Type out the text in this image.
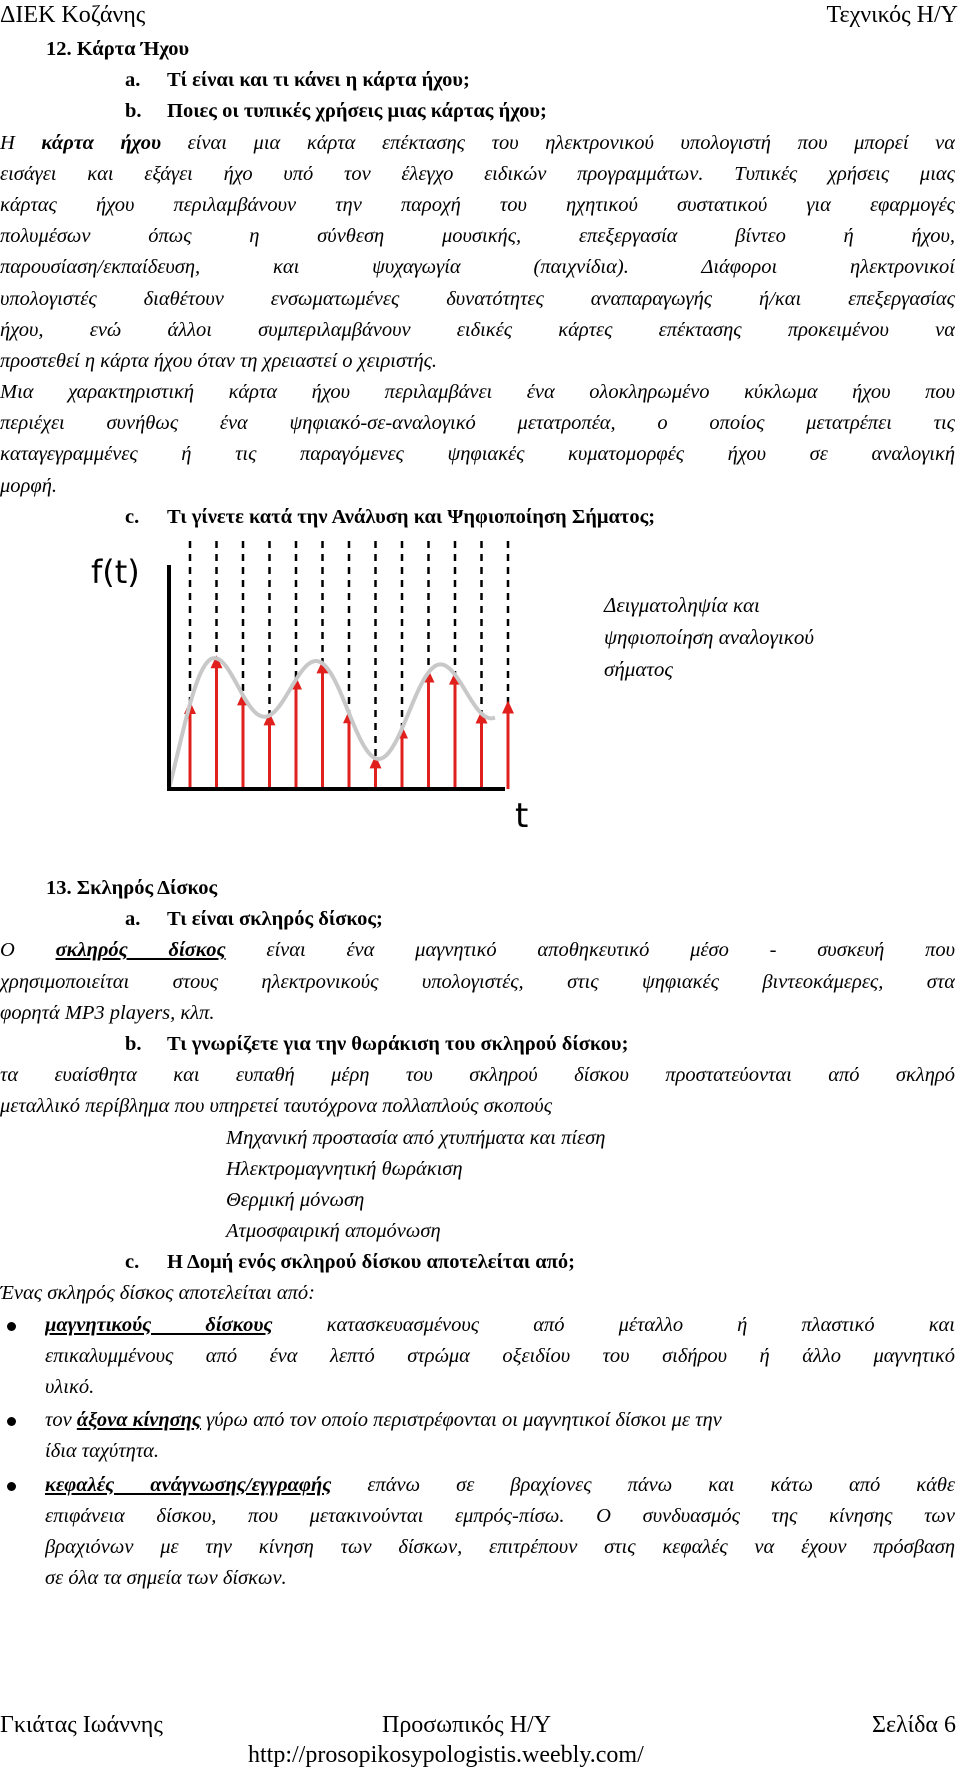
ΔΙΕΚ Κοζάνης	Τεχνικός Η/Υ
12. Κάρτα Ήχου
a. Τί είναι και τι κάνει η κάρτα ήχου;
b. Ποιες οι τυπικές χρήσεις μιας κάρτας ήχου;
Η κάρτα ήχου είναι μια κάρτα επέκτασης του ηλεκτρονικού υπολογιστή που μπορεί να
εισάγει και εξάγει ήχο υπό τον έλεγχο ειδικών προγραμμάτων. Τυπικές χρήσεις μιας
κάρτας ήχου περιλαμβάνουν την παροχή του ηχητικού συστατικού για εφαρμογές
πολυμέσων όπως η σύνθεση μουσικής, επεξεργασία βίντεο ή ήχου,
παρουσίαση/εκπαίδευση, και ψυχαγωγία (παιχνίδια). Διάφοροι ηλεκτρονικοί
υπολογιστές διαθέτουν ενσωματωμένες δυνατότητες αναπαραγωγής ή/και επεξεργασίας
ήχου, ενώ άλλοι συμπεριλαμβάνουν ειδικές κάρτες επέκτασης προκειμένου να
προστεθεί η κάρτα ήχου όταν τη χρειαστεί ο χειριστής.
Μια χαρακτηριστική κάρτα ήχου περιλαμβάνει ένα ολοκληρωμένο κύκλωμα ήχου που
περιέχει συνήθως ένα ψηφιακό-σε-αναλογικό μετατροπέα, ο οποίος μετατρέπει τις
καταγεγραμμένες ή τις παραγόμενες ψηφιακές κυματομορφές ήχου σε αναλογική
μορφή.
c. Τι γίνετε κατά την Ανάλυση και Ψηφιοποίηση Σήματος;
f(t)
t
Δειγματοληψία και
ψηφιοποίηση αναλογικού
σήματος
13. Σκληρός Δίσκος
a. Τι είναι σκληρός δίσκος;
Ο σκληρός δίσκος είναι ένα μαγνητικό αποθηκευτικό μέσο - συσκευή που
χρησιμοποιείται στους ηλεκτρονικούς υπολογιστές, στις ψηφιακές βιντεοκάμερες, στα
φορητά MP3 players, κλπ.
b. Τι γνωρίζετε για την θωράκιση του σκληρού δίσκου;
τα ευαίσθητα και ευπαθή μέρη του σκληρού δίσκου προστατεύονται από σκληρό
μεταλλικό περίβλημα που υπηρετεί ταυτόχρονα πολλαπλούς σκοπούς
Μηχανική προστασία από χτυπήματα και πίεση
Ηλεκτρομαγνητική θωράκιση
Θερμική μόνωση
Ατμοσφαιρική απομόνωση
c. Η Δομή ενός σκληρού δίσκου αποτελείται από;
Ένας σκληρός δίσκος αποτελείται από:
μαγνητικούς δίσκους κατασκευασμένους από μέταλλο ή πλαστικό και
επικαλυμμένους από ένα λεπτό στρώμα οξειδίου του σιδήρου ή άλλο μαγνητικό
υλικό.
τον άξονα κίνησης γύρω από τον οποίο περιστρέφονται οι μαγνητικοί δίσκοι με την
ίδια ταχύτητα.
κεφαλές ανάγνωσης/εγγραφής επάνω σε βραχίονες πάνω και κάτω από κάθε
επιφάνεια δίσκου, που μετακινούνται εμπρός-πίσω. Ο συνδυασμός της κίνησης των
βραχιόνων με την κίνηση των δίσκων, επιτρέπουν στις κεφαλές να έχουν πρόσβαση
σε όλα τα σημεία των δίσκων.
Γκιάτας Ιωάννης	Προσωπικός Η/Υ	Σελίδα 6
http://prosopikosypologistis.weebly.com/
